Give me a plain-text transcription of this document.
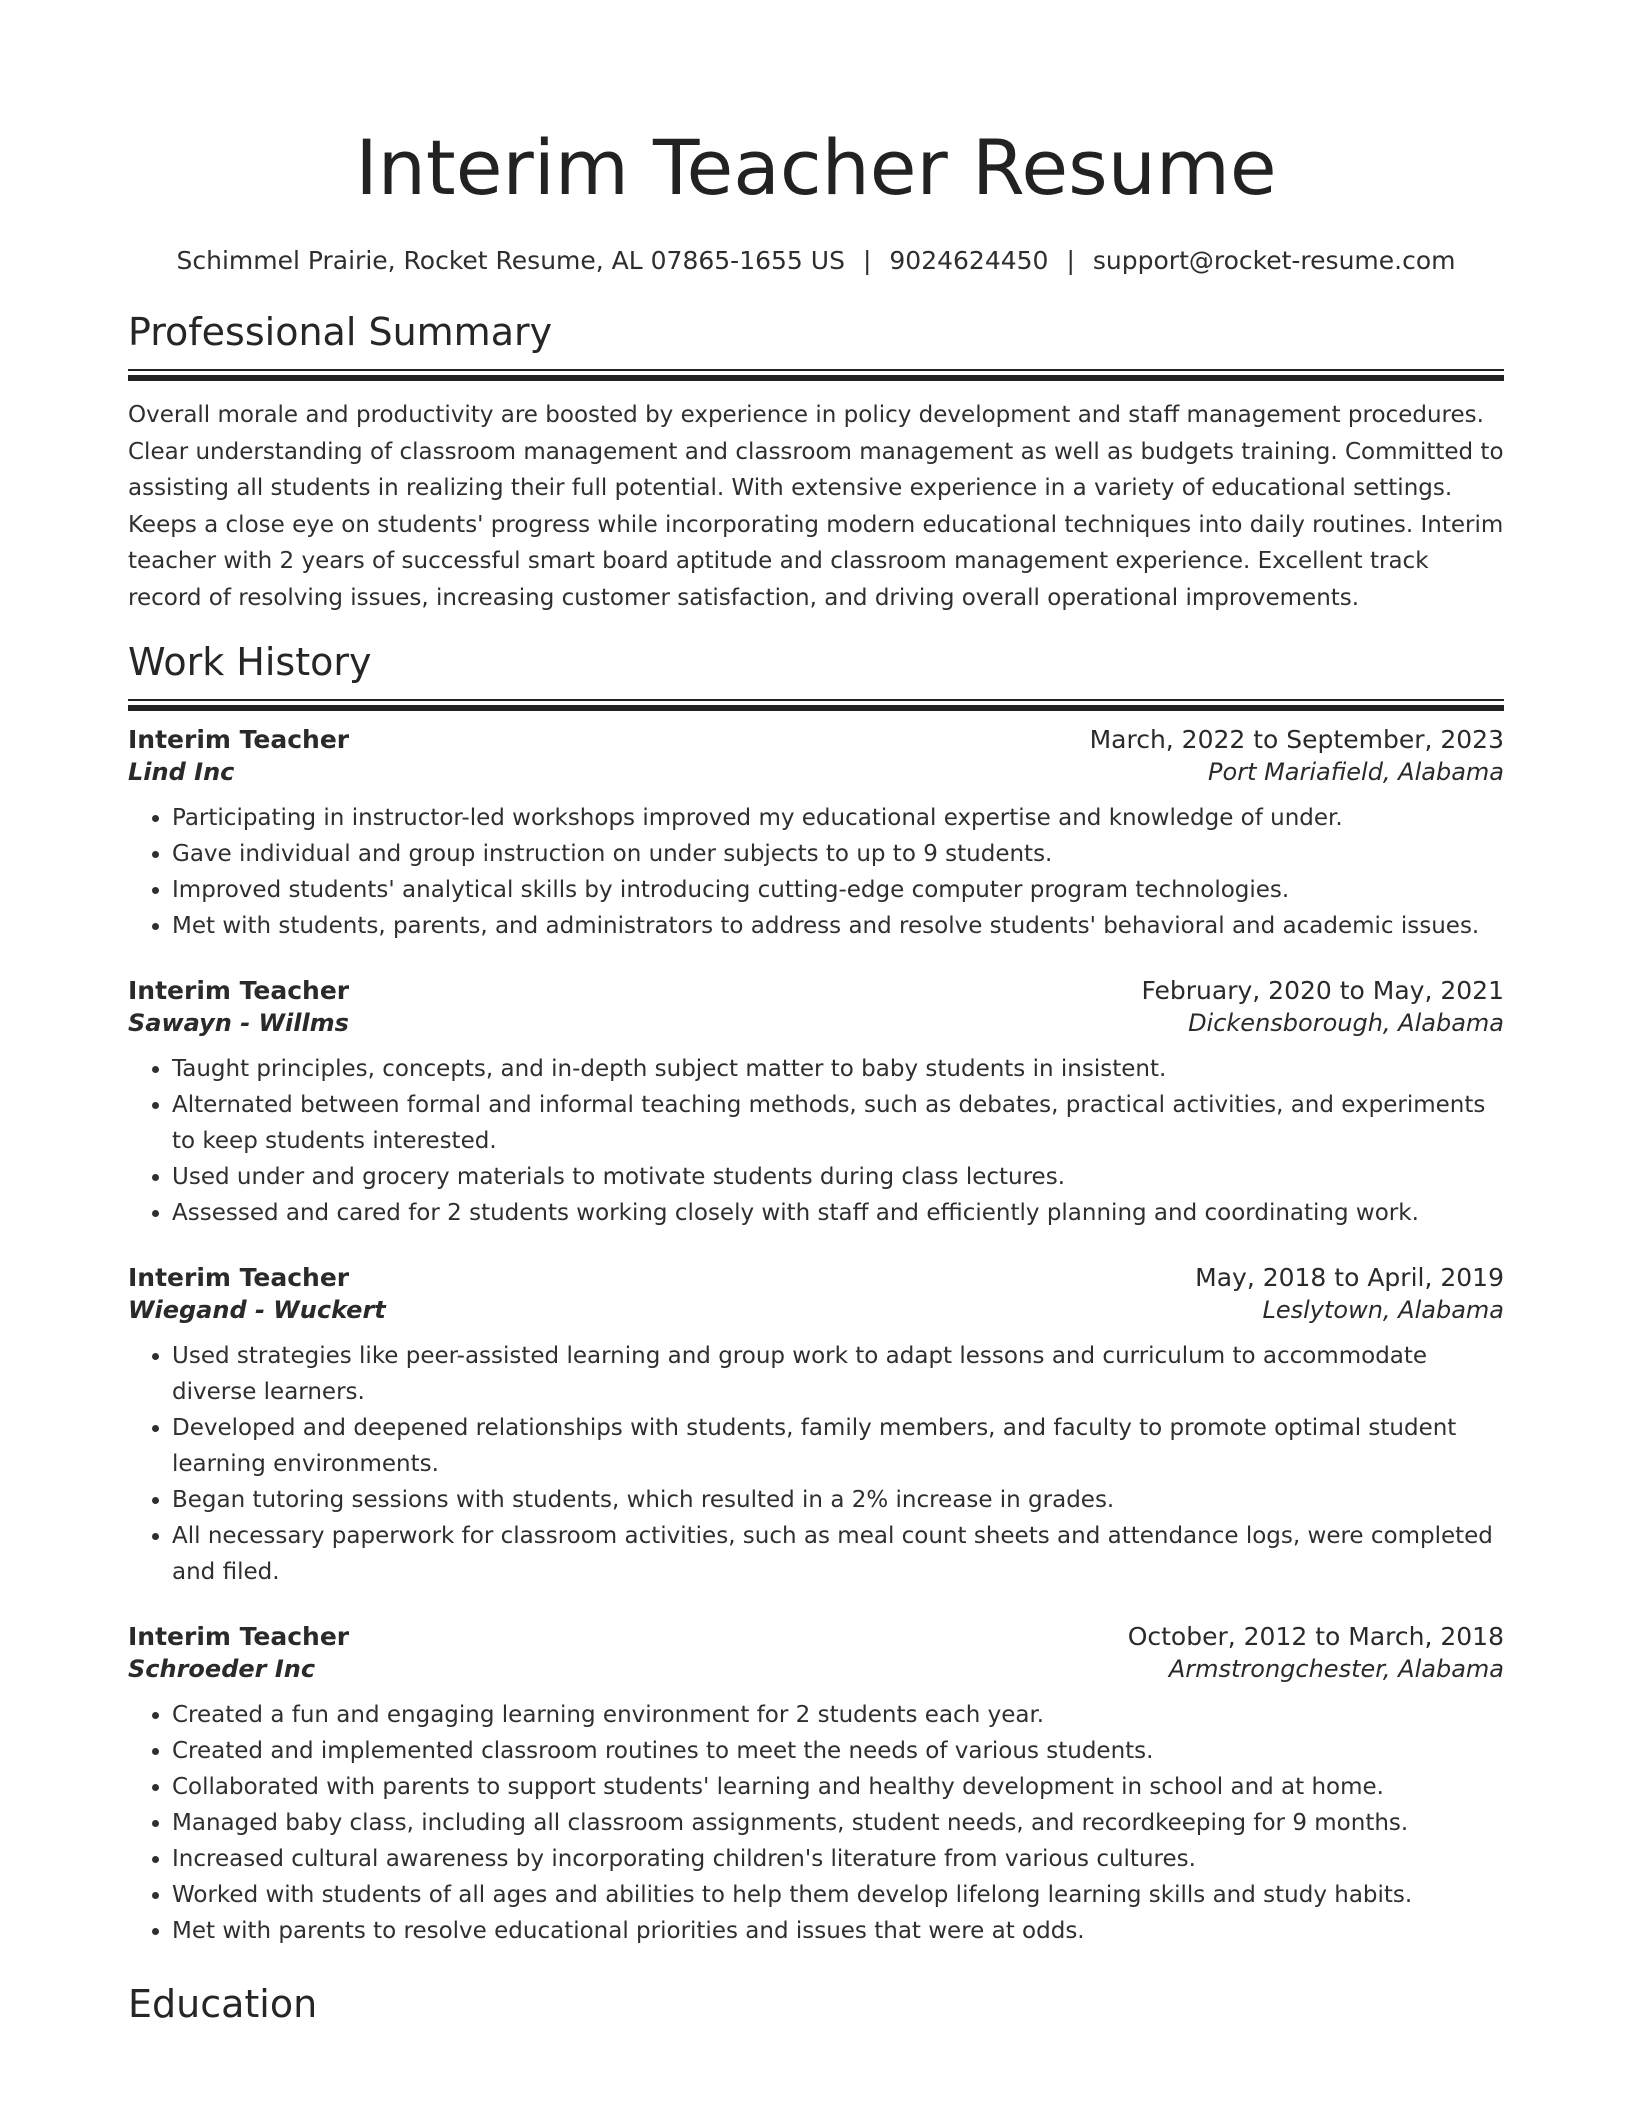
Interim Teacher Resume
Schimmel Prairie, Rocket Resume, AL 07865-1655 US | 9024624450 | support@rocket-resume.com
Professional Summary
Overall morale and productivity are boosted by experience in policy development and staff management procedures. Clear understanding of classroom management and classroom management as well as budgets training. Committed to assisting all students in realizing their full potential. With extensive experience in a variety of educational settings. Keeps a close eye on students' progress while incorporating modern educational techniques into daily routines. Interim teacher with 2 years of successful smart board aptitude and classroom management experience. Excellent track record of resolving issues, increasing customer satisfaction, and driving overall operational improvements.
Work History
Interim Teacher	March, 2022 to September, 2023
Lind Inc	Port Mariafield, Alabama
• Participating in instructor-led workshops improved my educational expertise and knowledge of under.
• Gave individual and group instruction on under subjects to up to 9 students.
• Improved students' analytical skills by introducing cutting-edge computer program technologies.
• Met with students, parents, and administrators to address and resolve students' behavioral and academic issues.
Interim Teacher	February, 2020 to May, 2021
Sawayn - Willms	Dickensborough, Alabama
• Taught principles, concepts, and in-depth subject matter to baby students in insistent.
• Alternated between formal and informal teaching methods, such as debates, practical activities, and experiments to keep students interested.
• Used under and grocery materials to motivate students during class lectures.
• Assessed and cared for 2 students working closely with staff and efficiently planning and coordinating work.
Interim Teacher	May, 2018 to April, 2019
Wiegand - Wuckert	Leslytown, Alabama
• Used strategies like peer-assisted learning and group work to adapt lessons and curriculum to accommodate diverse learners.
• Developed and deepened relationships with students, family members, and faculty to promote optimal student learning environments.
• Began tutoring sessions with students, which resulted in a 2% increase in grades.
• All necessary paperwork for classroom activities, such as meal count sheets and attendance logs, were completed and filed.
Interim Teacher	October, 2012 to March, 2018
Schroeder Inc	Armstrongchester, Alabama
• Created a fun and engaging learning environment for 2 students each year.
• Created and implemented classroom routines to meet the needs of various students.
• Collaborated with parents to support students' learning and healthy development in school and at home.
• Managed baby class, including all classroom assignments, student needs, and recordkeeping for 9 months.
• Increased cultural awareness by incorporating children's literature from various cultures.
• Worked with students of all ages and abilities to help them develop lifelong learning skills and study habits.
• Met with parents to resolve educational priorities and issues that were at odds.
Education
